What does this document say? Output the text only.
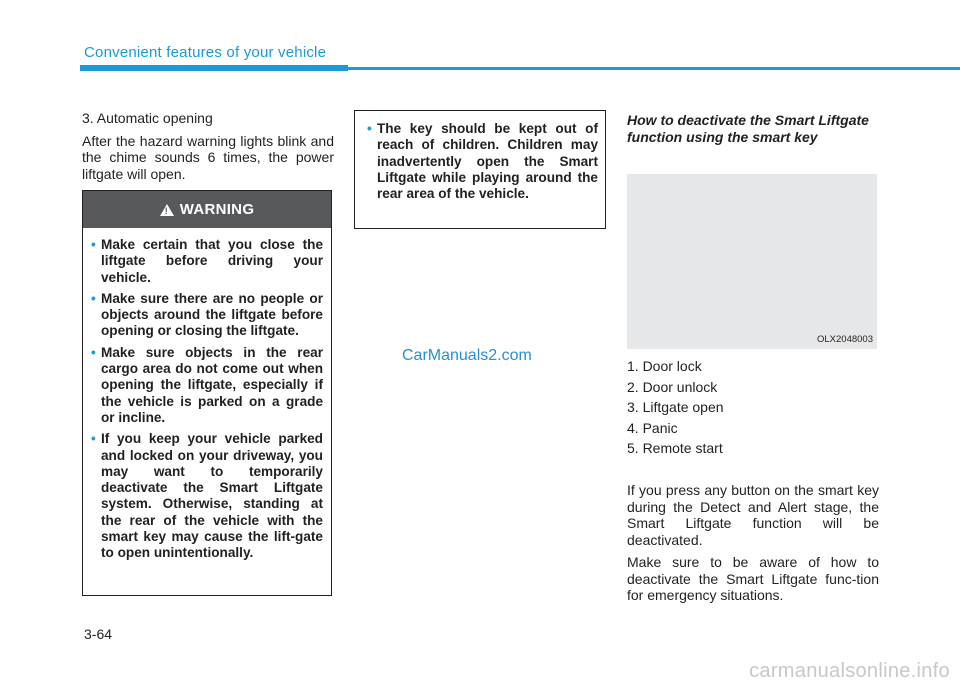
Convenient features of your vehicle

3. Automatic opening

After the hazard warning lights blink and the chime sounds 6 times, the power liftgate will open.

! WARNING
• Make certain that you close the liftgate before driving your vehicle.
• Make sure there are no people or objects around the liftgate before opening or closing the liftgate.
• Make sure objects in the rear cargo area do not come out when opening the liftgate, especially if the vehicle is parked on a grade or incline.
• If you keep your vehicle parked and locked on your driveway, you may want to temporarily deactivate the Smart Liftgate system. Otherwise, standing at the rear of the vehicle with the smart key may cause the lift-gate to open unintentionally.
• The key should be kept out of reach of children. Children may inadvertently open the Smart Liftgate while playing around the rear area of the vehicle.
CarManuals2.com

How to deactivate the Smart Liftgate function using the smart key

OLX2048003

1. Door lock

2. Door unlock

3. Liftgate open

4. Panic

5. Remote start

If you press any button on the smart key during the Detect and Alert stage, the Smart Liftgate function will be deactivated.

Make sure to be aware of how to deactivate the Smart Liftgate func-tion for emergency situations.

3-64
carmanualsonline.info
